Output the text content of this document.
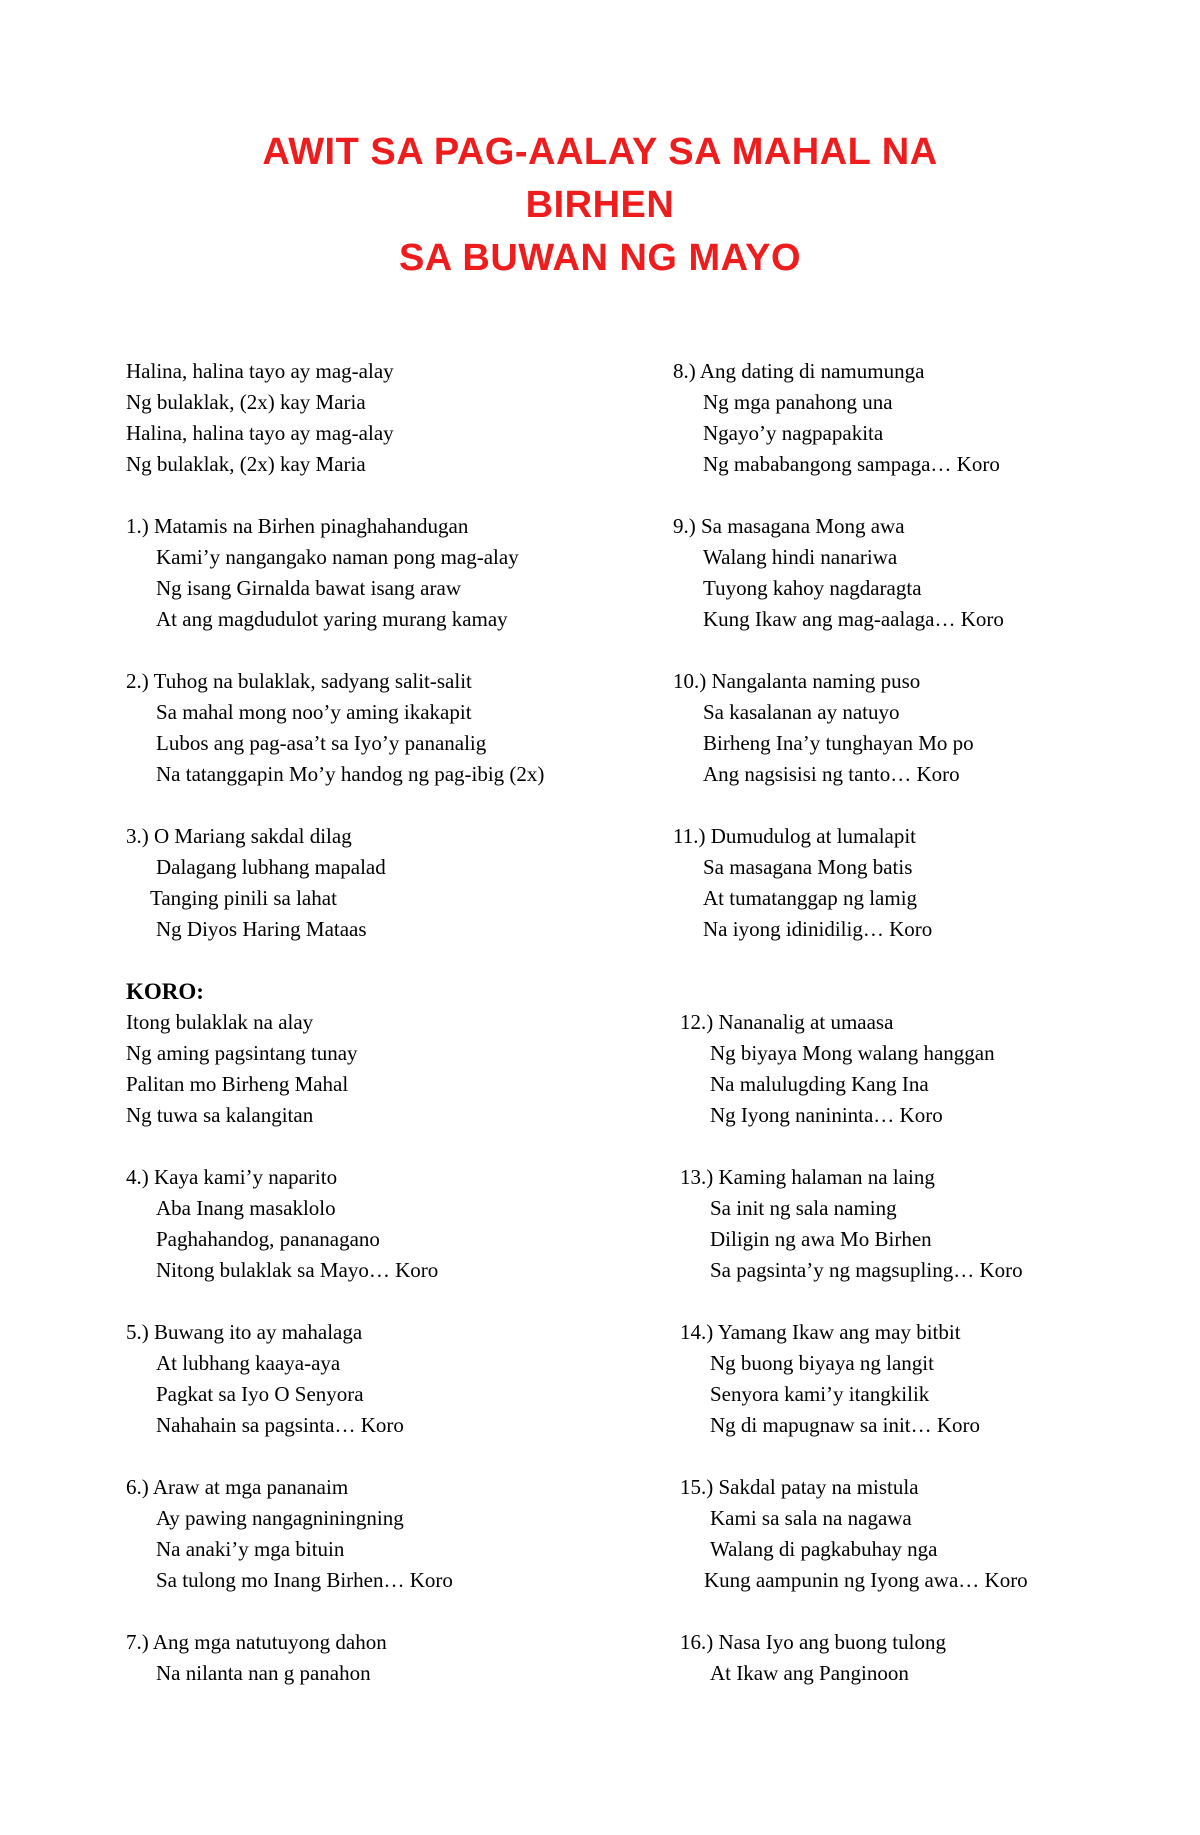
AWIT SA PAG-AALAY SA MAHAL NA
BIRHEN
SA BUWAN NG MAYO
Halina, halina tayo ay mag-alay
Ng bulaklak, (2x) kay Maria
Halina, halina tayo ay mag-alay
Ng bulaklak, (2x) kay Maria
1.) Matamis na Birhen pinaghahandugan
Kami’y nangangako naman pong mag-alay
Ng isang Girnalda bawat isang araw
At ang magdudulot yaring murang kamay
2.) Tuhog na bulaklak, sadyang salit-salit
Sa mahal mong noo’y aming ikakapit
Lubos ang pag-asa’t sa Iyo’y pananalig
Na tatanggapin Mo’y handog ng pag-ibig (2x)
3.) O Mariang sakdal dilag
Dalagang lubhang mapalad
Tanging pinili sa lahat
Ng Diyos Haring Mataas
KORO:
Itong bulaklak na alay
Ng aming pagsintang tunay
Palitan mo Birheng Mahal
Ng tuwa sa kalangitan
4.) Kaya kami’y naparito
Aba Inang masaklolo
Paghahandog, pananagano
Nitong bulaklak sa Mayo… Koro
5.) Buwang ito ay mahalaga
At lubhang kaaya-aya
Pagkat sa Iyo O Senyora
Nahahain sa pagsinta… Koro
6.) Araw at mga pananaim
Ay pawing nangagniningning
Na anaki’y mga bituin
Sa tulong mo Inang Birhen… Koro
7.) Ang mga natutuyong dahon
Na nilanta nan g panahon
8.) Ang dating di namumunga
Ng mga panahong una
Ngayo’y nagpapakita
Ng mababangong sampaga… Koro
9.) Sa masagana Mong awa
Walang hindi nanariwa
Tuyong kahoy nagdaragta
Kung Ikaw ang mag-aalaga… Koro
10.) Nangalanta naming puso
Sa kasalanan ay natuyo
Birheng Ina’y tunghayan Mo po
Ang nagsisisi ng tanto… Koro
11.) Dumudulog at lumalapit
Sa masagana Mong batis
At tumatanggap ng lamig
Na iyong idinidilig… Koro
12.) Nananalig at umaasa
Ng biyaya Mong walang hanggan
Na malulugding Kang Ina
Ng Iyong naninintа… Koro
13.) Kaming halaman na laing
Sa init ng sala naming
Diligin ng awa Mo Birhen
Sa pagsinta’y ng magsupling… Koro
14.) Yamang Ikaw ang may bitbit
Ng buong biyaya ng langit
Senyora kami’y itangkilik
Ng di mapugnaw sa init… Koro
15.) Sakdal patay na mistula
Kami sa sala na nagawa
Walang di pagkabuhay nga
Kung aampunin ng Iyong awa… Koro
16.) Nasa Iyo ang buong tulong
At Ikaw ang Panginoon
